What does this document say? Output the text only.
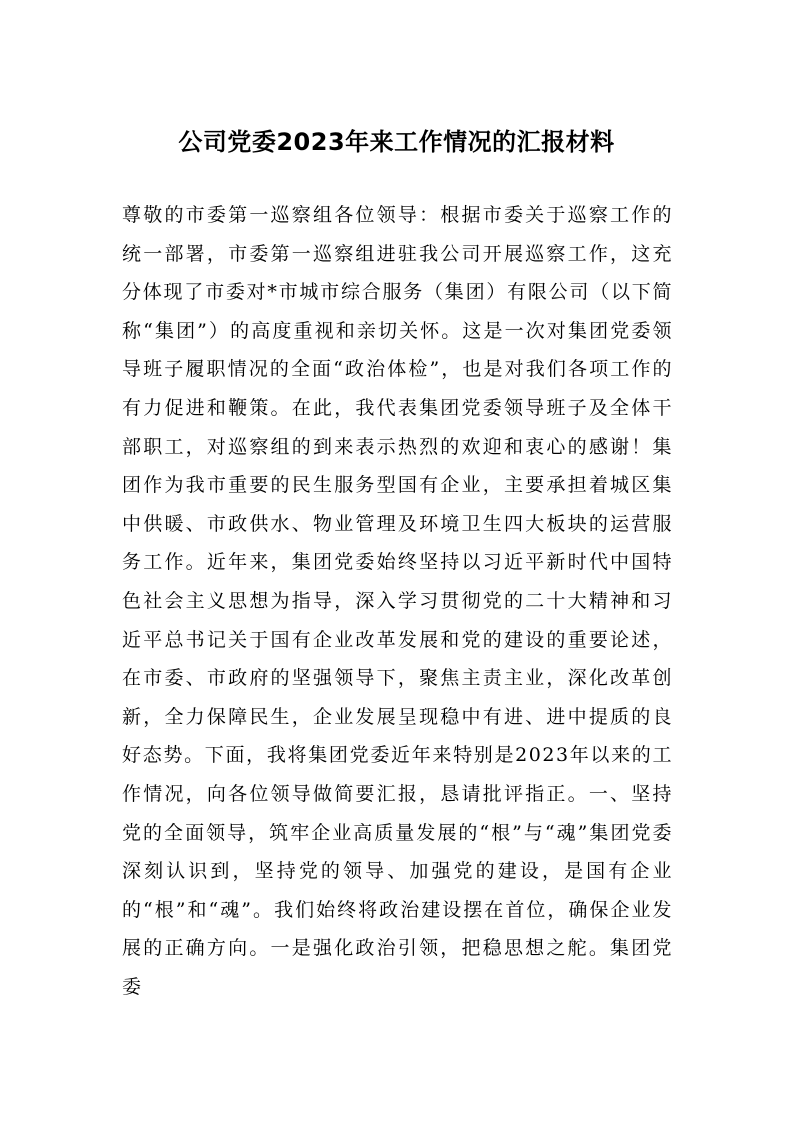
公司党委2023年来工作情况的汇报材料
尊敬的市委第一巡察组各位领导：根据市委关于巡察工作的统一部署，市委第一巡察组进驻我公司开展巡察工作，这充分体现了市委对*市城市综合服务（集团）有限公司（以下简称“集团”）的高度重视和亲切关怀。这是一次对集团党委领导班子履职情况的全面“政治体检”，也是对我们各项工作的有力促进和鞭策。在此，我代表集团党委领导班子及全体干部职工，对巡察组的到来表示热烈的欢迎和衷心的感谢！集团作为我市重要的民生服务型国有企业，主要承担着城区集中供暖、市政供水、物业管理及环境卫生四大板块的运营服务工作。近年来，集团党委始终坚持以习近平新时代中国特色社会主义思想为指导，深入学习贯彻党的二十大精神和习近平总书记关于国有企业改革发展和党的建设的重要论述，在市委、市政府的坚强领导下，聚焦主责主业，深化改革创新，全力保障民生，企业发展呈现稳中有进、进中提质的良好态势。下面，我将集团党委近年来特别是2023年以来的工作情况，向各位领导做简要汇报，恳请批评指正。一、坚持党的全面领导，筑牢企业高质量发展的“根”与“魂”集团党委深刻认识到，坚持党的领导、加强党的建设，是国有企业的“根”和“魂”。我们始终将政治建设摆在首位，确保企业发展的正确方向。一是强化政治引领，把稳思想之舵。集团党委
